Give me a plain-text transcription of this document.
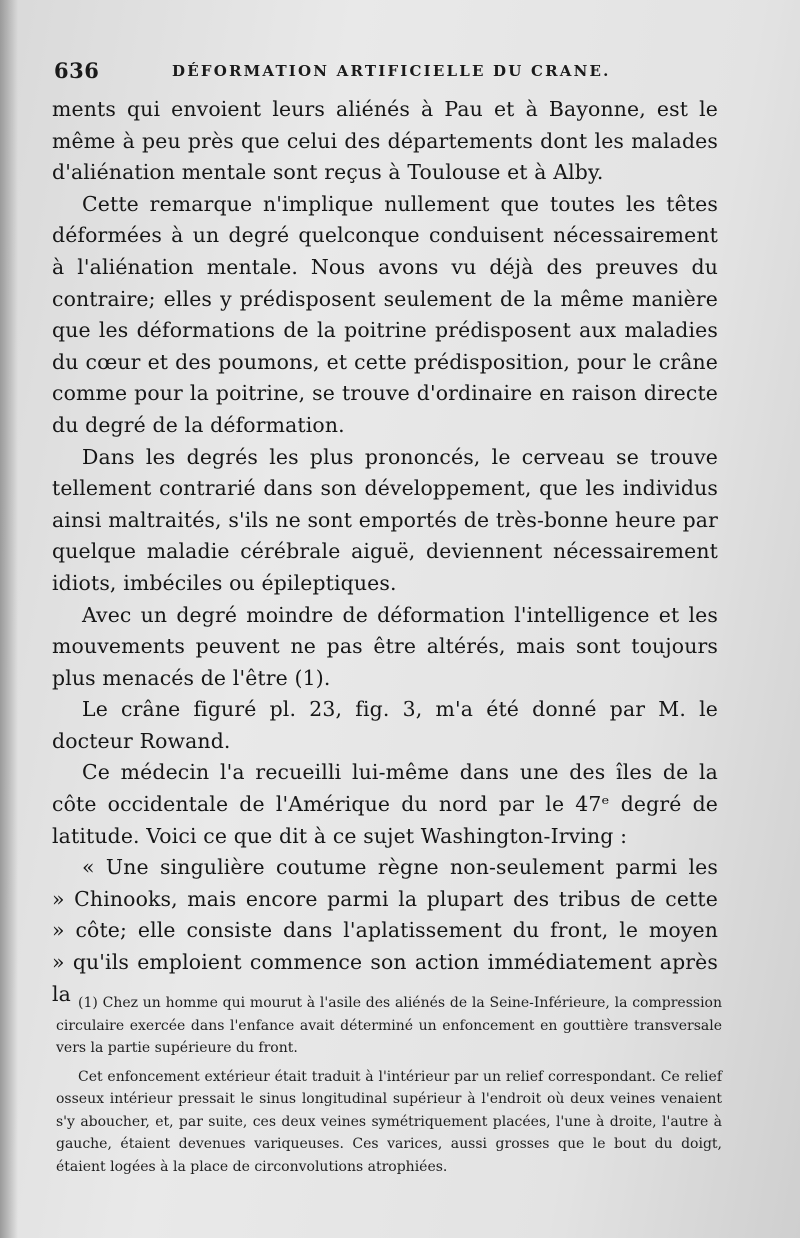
636	DÉFORMATION ARTIFICIELLE DU CRANE.

ments qui envoient leurs aliénés à Pau et à Bayonne, est le même à peu près que celui des départements dont les malades d'aliénation mentale sont reçus à Toulouse et à Alby.

Cette remarque n'implique nullement que toutes les têtes déformées à un degré quelconque conduisent nécessairement à l'aliénation mentale. Nous avons vu déjà des preuves du contraire; elles y prédisposent seulement de la même manière que les déformations de la poitrine prédisposent aux maladies du cœur et des poumons, et cette prédisposition, pour le crâne comme pour la poitrine, se trouve d'ordinaire en raison directe du degré de la déformation.

Dans les degrés les plus prononcés, le cerveau se trouve tellement contrarié dans son développement, que les individus ainsi maltraités, s'ils ne sont emportés de très-bonne heure par quelque maladie cérébrale aiguë, deviennent nécessairement idiots, imbéciles ou épileptiques.

Avec un degré moindre de déformation l'intelligence et les mouvements peuvent ne pas être altérés, mais sont toujours plus menacés de l'être (1).

Le crâne figuré pl. 23, fig. 3, m'a été donné par M. le docteur Rowand.

Ce médecin l'a recueilli lui-même dans une des îles de la côte occidentale de l'Amérique du nord par le 47ᵉ degré de latitude. Voici ce que dit à ce sujet Washington-Irving :

« Une singulière coutume règne non-seulement parmi les
» Chinooks, mais encore parmi la plupart des tribus de cette
» côte; elle consiste dans l'aplatissement du front, le moyen
» qu'ils emploient commence son action immédiatement après la (1) Chez un homme qui mourut à l'asile des aliénés de la Seine-Inférieure, la compression circulaire exercée dans l'enfance avait déterminé un enfoncement en gouttière transversale vers la partie supérieure du front.

Cet enfoncement extérieur était traduit à l'intérieur par un relief correspondant. Ce relief osseux intérieur pressait le sinus longitudinal supérieur à l'endroit où deux veines venaient s'y aboucher, et, par suite, ces deux veines symétriquement placées, l'une à droite, l'autre à gauche, étaient devenues variqueuses. Ces varices, aussi grosses que le bout du doigt, étaient logées à la place de circonvolutions atrophiées.
